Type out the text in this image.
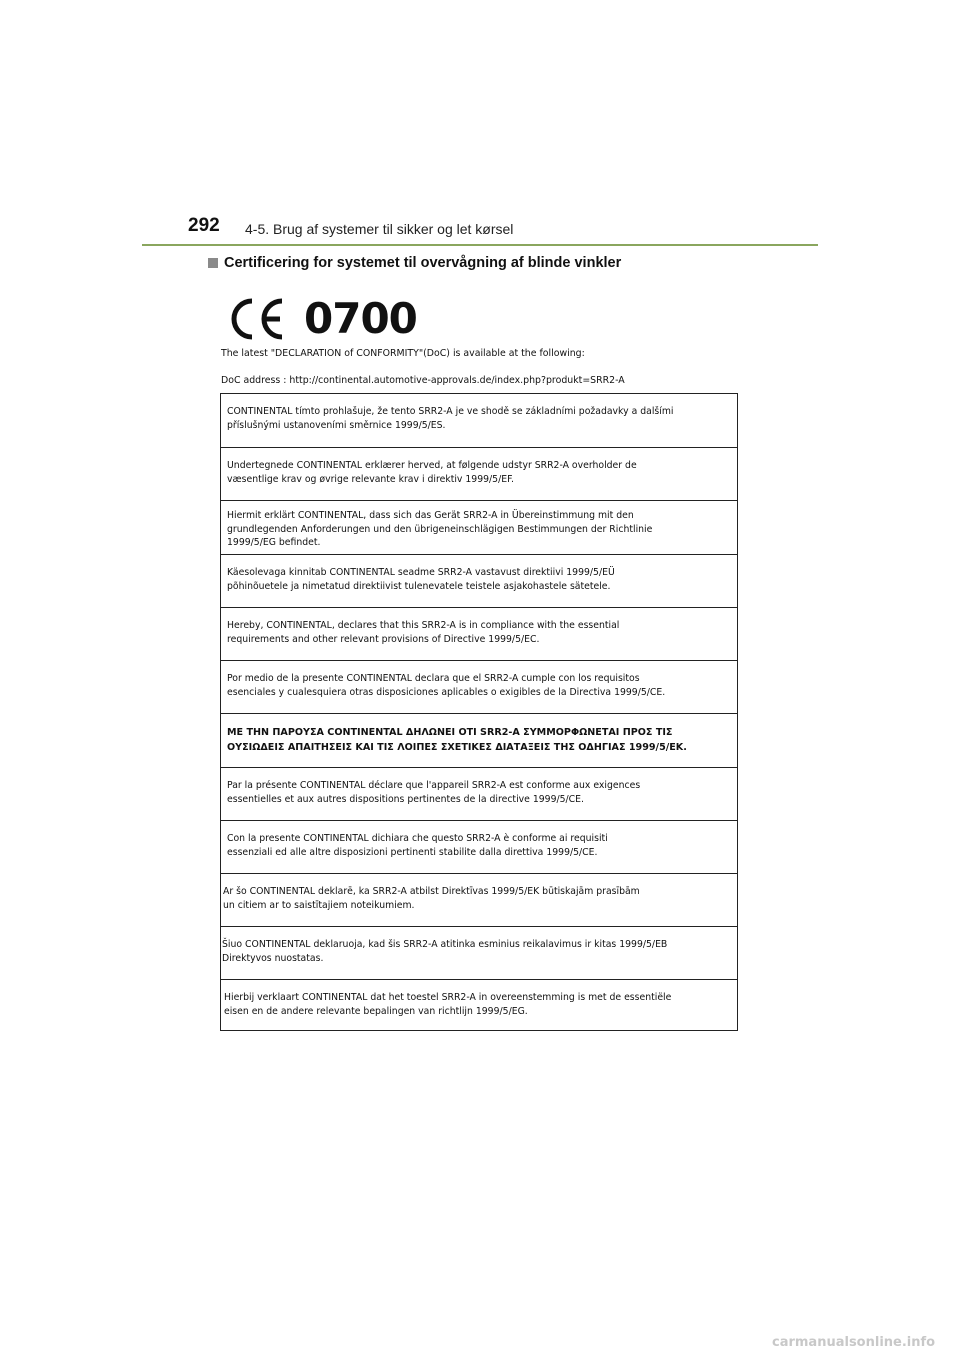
292 4-5. Brug af systemer til sikker og let kørsel
Certificering for systemet til overvågning af blinde vinkler
0700
The latest "DECLARATION of CONFORMITY"(DoC) is available at the following:
DoC address : http://continental.automotive-approvals.de/index.php?produkt=SRR2-A
CONTINENTAL tímto prohlašuje, že tento SRR2-A je ve shodě se základními požadavky a dalšími
příslušnými ustanoveními směrnice 1999/5/ES.
Undertegnede CONTINENTAL erklærer herved, at følgende udstyr SRR2-A overholder de
væsentlige krav og øvrige relevante krav i direktiv 1999/5/EF.
Hiermit erklärt CONTINENTAL, dass sich das Gerät SRR2-A in Übereinstimmung mit den
grundlegenden Anforderungen und den übrigeneinschlägigen Bestimmungen der Richtlinie
1999/5/EG befindet.
Käesolevaga kinnitab CONTINENTAL seadme SRR2-A vastavust direktiivi 1999/5/EÜ
põhinõuetele ja nimetatud direktiivist tulenevatele teistele asjakohastele sätetele.
Hereby, CONTINENTAL, declares that this SRR2-A is in compliance with the essential
requirements and other relevant provisions of Directive 1999/5/EC.
Por medio de la presente CONTINENTAL declara que el SRR2-A cumple con los requisitos
esenciales y cualesquiera otras disposiciones aplicables o exigibles de la Directiva 1999/5/CE.
ΜΕ ΤΗΝ ΠΑΡΟΥΣΑ CONTINENTAL ΔΗΛΩΝΕΙ ΟΤΙ SRR2-A ΣΥΜΜΟΡΦΩΝΕΤΑΙ ΠΡΟΣ ΤΙΣ
ΟΥΣΙΩΔΕΙΣ ΑΠΑΙΤΗΣΕΙΣ ΚΑΙ ΤΙΣ ΛΟΙΠΕΣ ΣΧΕΤΙΚΕΣ ΔΙΑΤΑΞΕΙΣ ΤΗΣ ΟΔΗΓΙΑΣ 1999/5/ΕΚ.
Par la présente CONTINENTAL déclare que l'appareil SRR2-A est conforme aux exigences
essentielles et aux autres dispositions pertinentes de la directive 1999/5/CE.
Con la presente CONTINENTAL dichiara che questo SRR2-A è conforme ai requisiti
essenziali ed alle altre disposizioni pertinenti stabilite dalla direttiva 1999/5/CE.
Ar šo CONTINENTAL deklarē, ka SRR2-A atbilst Direktīvas 1999/5/EK būtiskajām prasībām
un citiem ar to saistītajiem noteikumiem.
Šiuo CONTINENTAL deklaruoja, kad šis SRR2-A atitinka esminius reikalavimus ir kitas 1999/5/EB
Direktyvos nuostatas.
Hierbij verklaart CONTINENTAL dat het toestel SRR2-A in overeenstemming is met de essentiële
eisen en de andere relevante bepalingen van richtlijn 1999/5/EG.
carmanualsonline.info
